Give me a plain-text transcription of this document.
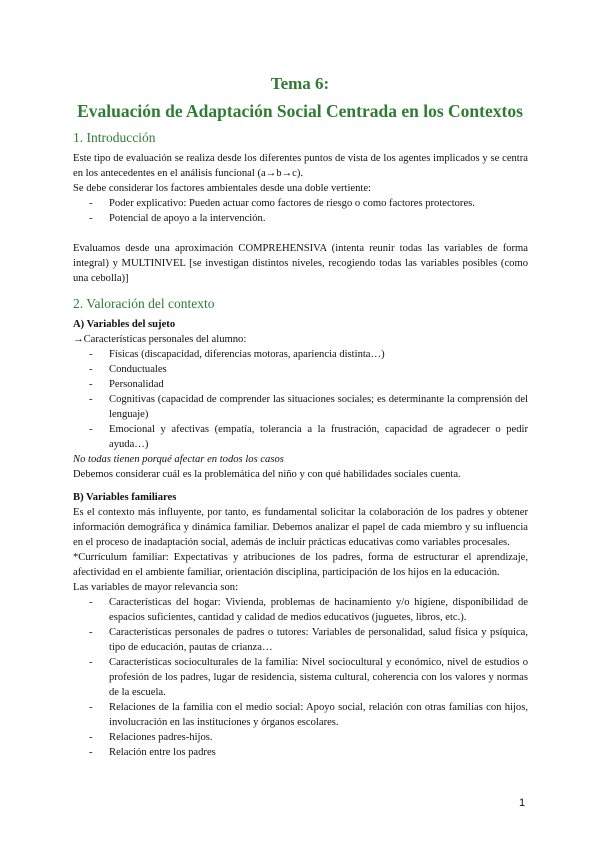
Tema 6:
Evaluación de Adaptación Social Centrada en los Contextos
1. Introducción

Este tipo de evaluación se realiza desde los diferentes puntos de vista de los agentes implicados y se centra en los antecedentes en el análisis funcional (a→b→c).

Se debe considerar los factores ambientales desde una doble vertiente:

- Poder explicativo: Pueden actuar como factores de riesgo o como factores protectores.
- Potencial de apoyo a la intervención.

Evaluamos desde una aproximación COMPREHENSIVA (intenta reunir todas las variables de forma integral) y MULTINIVEL [se investigan distintos niveles, recogiendo todas las variables posibles (como una cebolla)]

2. Valoración del contexto

A) Variables del sujeto

→Características personales del alumno:

- Físicas (discapacidad, diferencias motoras, apariencia distinta…)
- Conductuales
- Personalidad
- Cognitivas (capacidad de comprender las situaciones sociales; es determinante la comprensión del lenguaje)
- Emocional y afectivas (empatía, tolerancia a la frustración, capacidad de agradecer o pedir ayuda…)

No todas tienen porqué afectar en todos los casos

Debemos considerar cuál es la problemática del niño y con qué habilidades sociales cuenta.

B) Variables familiares

Es el contexto más influyente, por tanto, es fundamental solicitar la colaboración de los padres y obtener información demográfica y dinámica familiar. Debemos analizar el papel de cada miembro y su influencia en el proceso de inadaptación social, además de incluir prácticas educativas como variables procesales.

*Currículum familiar: Expectativas y atribuciones de los padres, forma de estructurar el aprendizaje, afectividad en el ambiente familiar, orientación disciplina, participación de los hijos en la educación.

Las variables de mayor relevancia son:

- Características del hogar: Vivienda, problemas de hacinamiento y/o higiene, disponibilidad de espacios suficientes, cantidad y calidad de medios educativos (juguetes, libros, etc.).
- Características personales de padres o tutores: Variables de personalidad, salud física y psíquica, tipo de educación, pautas de crianza…
- Características socioculturales de la familia: Nivel sociocultural y económico, nivel de estudios o profesión de los padres, lugar de residencia, sistema cultural, coherencia con los valores y normas de la escuela.
- Relaciones de la familia con el medio social: Apoyo social, relación con otras familias con hijos, involucración en las instituciones y órganos escolares.
- Relaciones padres-hijos.
- Relación entre los padres
1
